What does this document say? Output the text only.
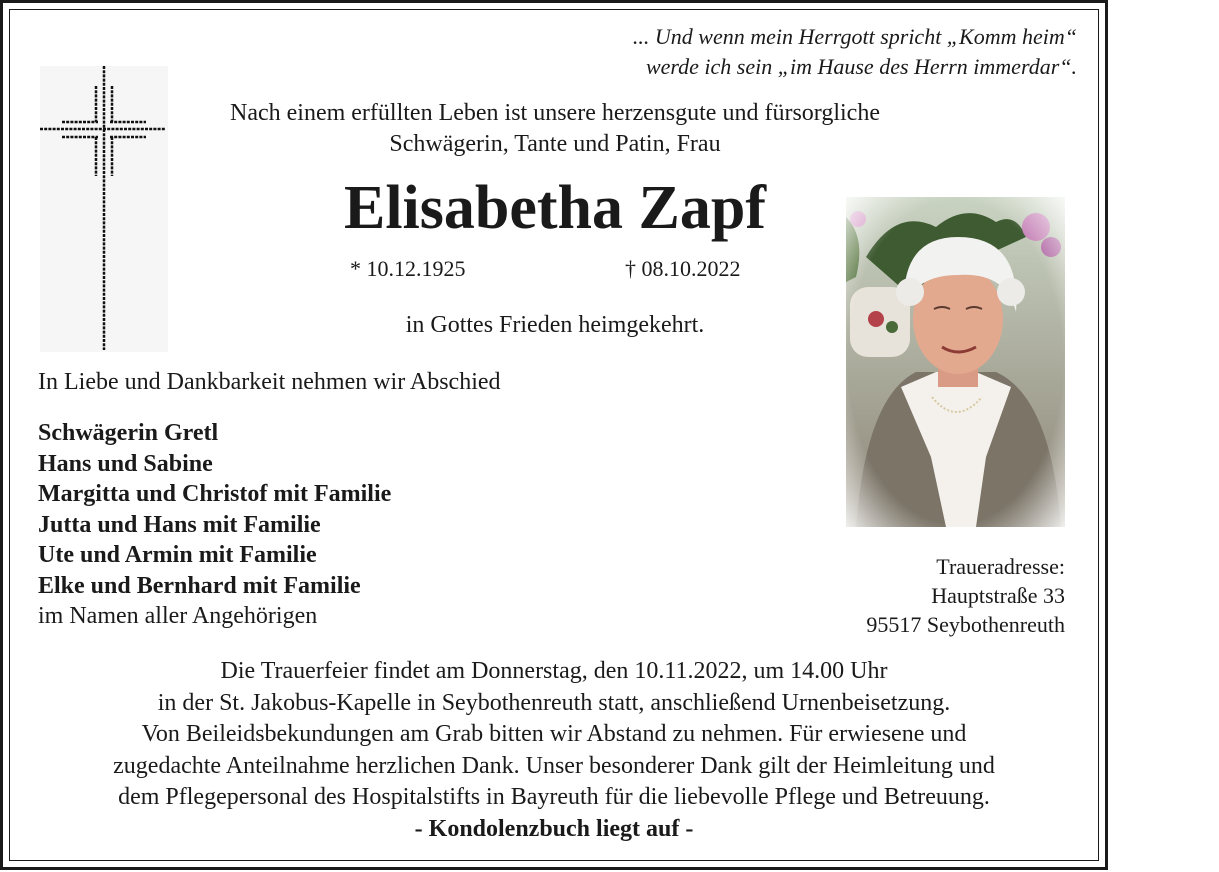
... Und wenn mein Herrgott spricht „Komm heim“
werde ich sein „im Hause des Herrn immerdar“.
Nach einem erfüllten Leben ist unsere herzensgute und fürsorgliche
Schwägerin, Tante und Patin, Frau
Elisabetha Zapf
* 10.12.1925	† 08.10.2022
in Gottes Frieden heimgekehrt.
In Liebe und Dankbarkeit nehmen wir Abschied
Schwägerin Gretl
Hans und Sabine
Margitta und Christof mit Familie
Jutta und Hans mit Familie
Ute und Armin mit Familie
Elke und Bernhard mit Familie
im Namen aller Angehörigen
Traueradresse:
Hauptstraße 33
95517 Seybothenreuth
Die Trauerfeier findet am Donnerstag, den 10.11.2022, um 14.00 Uhr
in der St. Jakobus-Kapelle in Seybothenreuth statt, anschließend Urnenbeisetzung.
Von Beileidsbekundungen am Grab bitten wir Abstand zu nehmen. Für erwiesene und
zugedachte Anteilnahme herzlichen Dank. Unser besonderer Dank gilt der Heimleitung und
dem Pflegepersonal des Hospitalstifts in Bayreuth für die liebevolle Pflege und Betreuung.
- Kondolenzbuch liegt auf -
